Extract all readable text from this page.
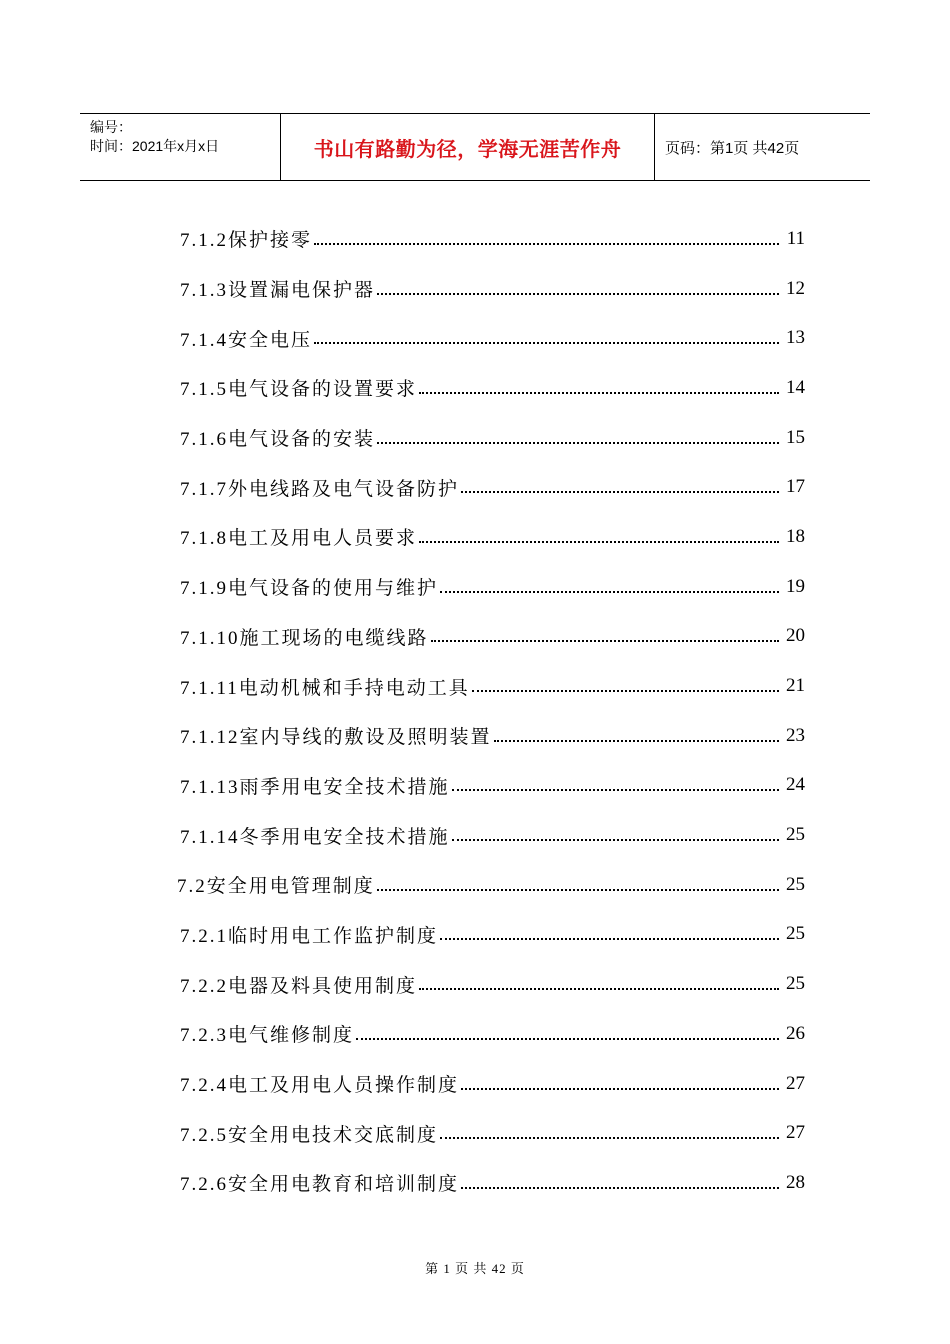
编号：
时间：2021年x月x日	书山有路勤为径，学海无涯苦作舟	页码：第1页 共42页
7.1.2保护接零	11
7.1.3设置漏电保护器	12
7.1.4安全电压	13
7.1.5电气设备的设置要求	14
7.1.6电气设备的安装	15
7.1.7外电线路及电气设备防护	17
7.1.8电工及用电人员要求	18
7.1.9电气设备的使用与维护	19
7.1.10施工现场的电缆线路	20
7.1.11电动机械和手持电动工具	21
7.1.12室内导线的敷设及照明装置	23
7.1.13雨季用电安全技术措施	24
7.1.14冬季用电安全技术措施	25
7.2安全用电管理制度	25
7.2.1临时用电工作监护制度	25
7.2.2电器及料具使用制度	25
7.2.3电气维修制度	26
7.2.4电工及用电人员操作制度	27
7.2.5安全用电技术交底制度	27
7.2.6安全用电教育和培训制度	28
第 1 页 共 42 页
